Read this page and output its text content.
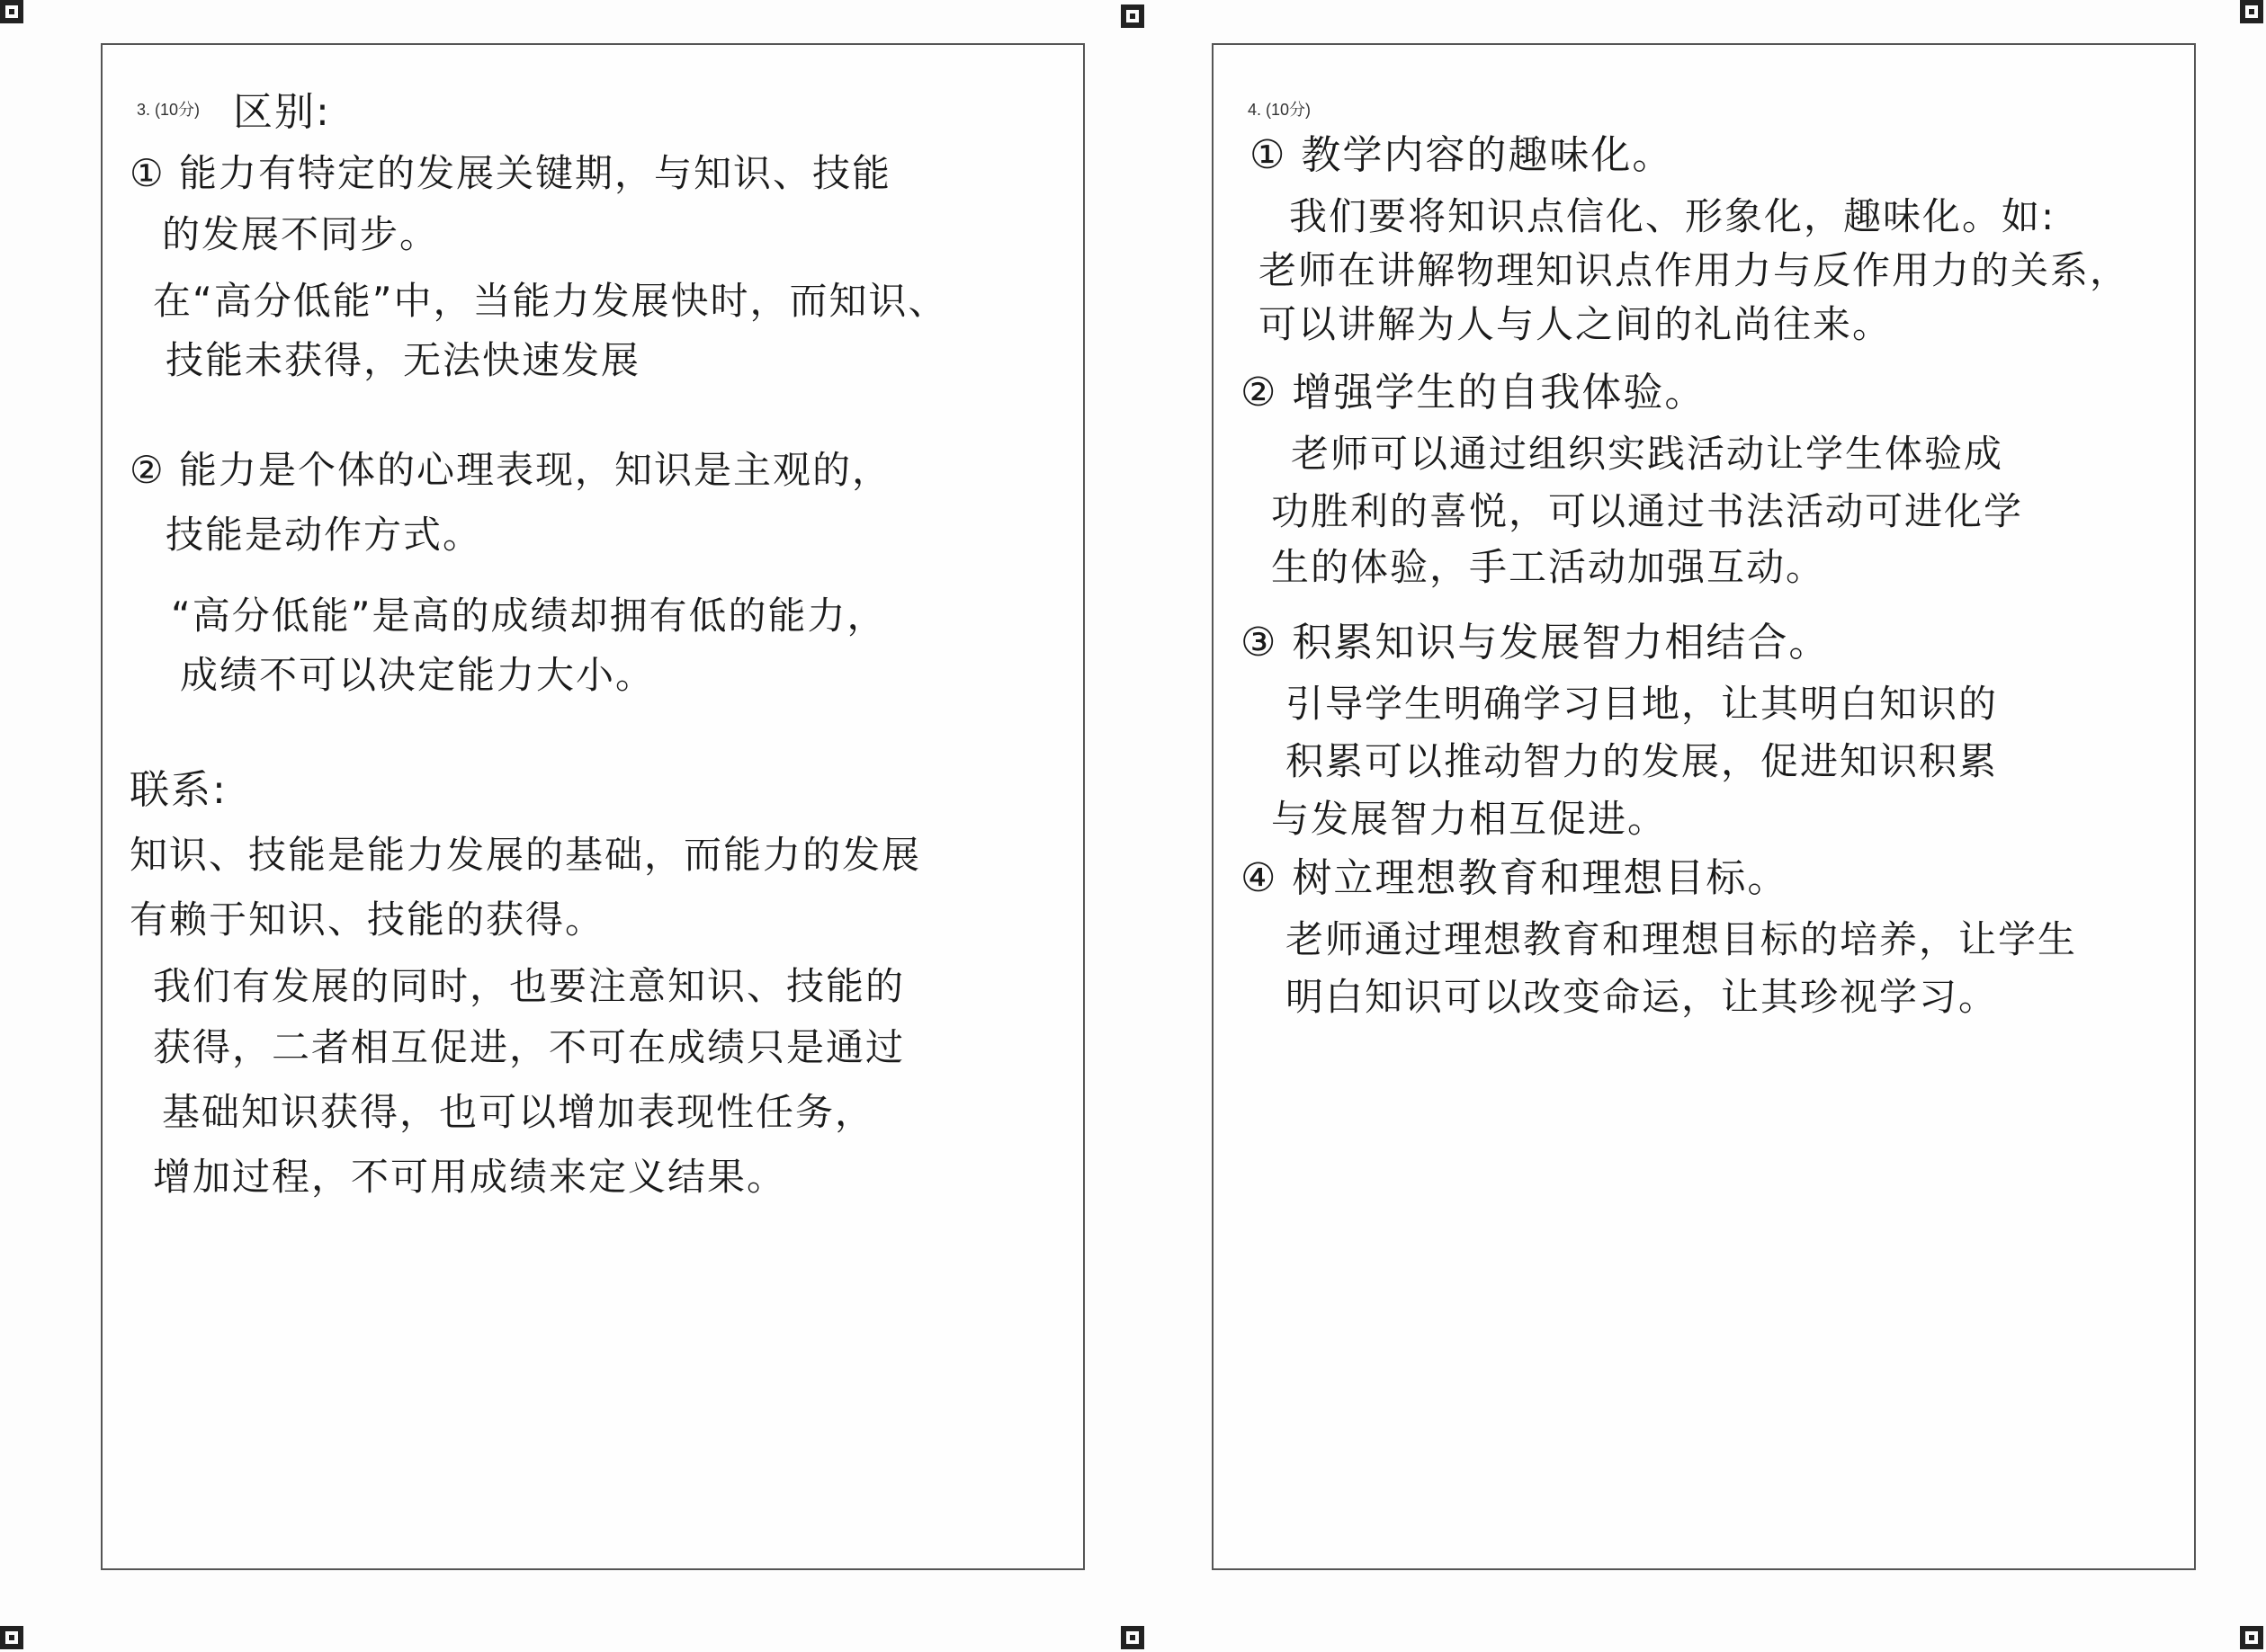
3. (10分) 区别:
① 能力有特定的发展关键期，与知识、技能
的发展不同步。
在“高分低能”中，当能力发展快时，而知识、
技能未获得，无法快速发展
② 能力是个体的心理表现，知识是主观的，
技能是动作方式。
“高分低能”是高的成绩却拥有低的能力，
成绩不可以决定能力大小。
联系:
知识、技能是能力发展的基础，而能力的发展
有赖于知识、技能的获得。
我们有发展的同时，也要注意知识、技能的
获得，二者相互促进，不可在成绩只是通过
基础知识获得，也可以增加表现性任务，
增加过程，不可用成绩来定义结果。
4. (10分)
① 教学内容的趣味化。
我们要将知识点信化、形象化，趣味化。如:
老师在讲解物理知识点作用力与反作用力的关系，
可以讲解为人与人之间的礼尚往来。
② 增强学生的自我体验。
老师可以通过组织实践活动让学生体验成
功胜利的喜悦，可以通过书法活动可进化学
生的体验，手工活动加强互动。
③ 积累知识与发展智力相结合。
引导学生明确学习目地，让其明白知识的
积累可以推动智力的发展，促进知识积累
与发展智力相互促进。
④ 树立理想教育和理想目标。
老师通过理想教育和理想目标的培养，让学生
明白知识可以改变命运，让其珍视学习。
